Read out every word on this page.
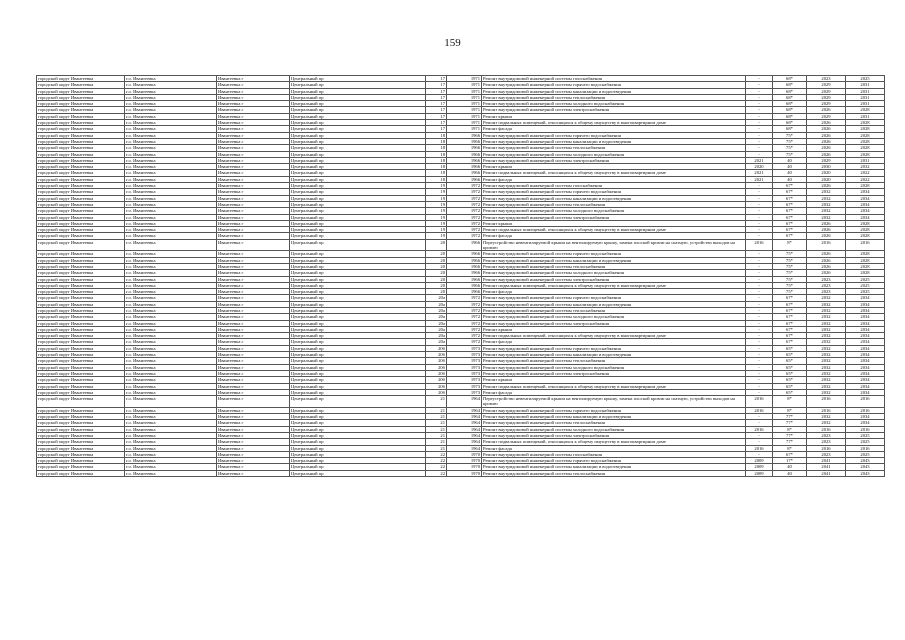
159
городской округ Ивантеевка	г.о. Ивантеевка	Ивантеевка г	Центральный пр	17	1971	Ремонт внутридомовой инженерной системы газоснабжения	-	68*	2023	2025
городской округ Ивантеевка	г.о. Ивантеевка	Ивантеевка г	Центральный пр	17	1971	Ремонт внутридомовой инженерной системы горячего водоснабжения	-	68*	2029	2031
городской округ Ивантеевка	г.о. Ивантеевка	Ивантеевка г	Центральный пр	17	1971	Ремонт внутридомовой инженерной системы канализации и водоотведения	-	68*	2029	2031
городской округ Ивантеевка	г.о. Ивантеевка	Ивантеевка г	Центральный пр	17	1971	Ремонт внутридомовой инженерной системы теплоснабжения	-	68*	2029	2031
городской округ Ивантеевка	г.о. Ивантеевка	Ивантеевка г	Центральный пр	17	1971	Ремонт внутридомовой инженерной системы холодного водоснабжения	-	68*	2029	2031
городской округ Ивантеевка	г.о. Ивантеевка	Ивантеевка г	Центральный пр	17	1971	Ремонт внутридомовой инженерной системы электроснабжения	-	68*	2026	2028
городской округ Ивантеевка	г.о. Ивантеевка	Ивантеевка г	Центральный пр	17	1971	Ремонт крыши	-	68*	2029	2031
городской округ Ивантеевка	г.о. Ивантеевка	Ивантеевка г	Центральный пр	17	1971	Ремонт подвальных помещений, относящихся к общему имуществу в многоквартирном доме	-	68*	2026	2028
городской округ Ивантеевка	г.о. Ивантеевка	Ивантеевка г	Центральный пр	17	1971	Ремонт фасада	-	68*	2026	2028
городской округ Ивантеевка	г.о. Ивантеевка	Ивантеевка г	Центральный пр	18	1966	Ремонт внутридомовой инженерной системы горячего водоснабжения	-	75*	2026	2028
городской округ Ивантеевка	г.о. Ивантеевка	Ивантеевка г	Центральный пр	18	1966	Ремонт внутридомовой инженерной системы канализации и водоотведения	-	75*	2026	2028
городской округ Ивантеевка	г.о. Ивантеевка	Ивантеевка г	Центральный пр	18	1966	Ремонт внутридомовой инженерной системы теплоснабжения	-	75*	2026	2028
городской округ Ивантеевка	г.о. Ивантеевка	Ивантеевка г	Центральный пр	18	1966	Ремонт внутридомовой инженерной системы холодного водоснабжения	-	75*	2026	2028
городской округ Ивантеевка	г.о. Ивантеевка	Ивантеевка г	Центральный пр	18	1966	Ремонт внутридомовой инженерной системы электроснабжения	2021	40	2029	2031
городской округ Ивантеевка	г.о. Ивантеевка	Ивантеевка г	Центральный пр	18	1966	Ремонт крыши	2020	40	2030	2032
городской округ Ивантеевка	г.о. Ивантеевка	Ивантеевка г	Центральный пр	18	1966	Ремонт подвальных помещений, относящихся к общему имуществу в многоквартирном доме	2021	40	2020	2022
городской округ Ивантеевка	г.о. Ивантеевка	Ивантеевка г	Центральный пр	18	1966	Ремонт фасада	2021	40	2020	2022
городской округ Ивантеевка	г.о. Ивантеевка	Ивантеевка г	Центральный пр	19	1972	Ремонт внутридомовой инженерной системы газоснабжения	-	67*	2026	2028
городской округ Ивантеевка	г.о. Ивантеевка	Ивантеевка г	Центральный пр	19	1972	Ремонт внутридомовой инженерной системы горячего водоснабжения	-	67*	2032	2034
городской округ Ивантеевка	г.о. Ивантеевка	Ивантеевка г	Центральный пр	19	1972	Ремонт внутридомовой инженерной системы канализации и водоотведения	-	67*	2032	2034
городской округ Ивантеевка	г.о. Ивантеевка	Ивантеевка г	Центральный пр	19	1972	Ремонт внутридомовой инженерной системы теплоснабжения	-	67*	2032	2034
городской округ Ивантеевка	г.о. Ивантеевка	Ивантеевка г	Центральный пр	19	1972	Ремонт внутридомовой инженерной системы холодного водоснабжения	-	67*	2032	2034
городской округ Ивантеевка	г.о. Ивантеевка	Ивантеевка г	Центральный пр	19	1972	Ремонт внутридомовой инженерной системы электроснабжения	-	67*	2032	2034
городской округ Ивантеевка	г.о. Ивантеевка	Ивантеевка г	Центральный пр	19	1972	Ремонт крыши	-	67*	2026	2028
городской округ Ивантеевка	г.о. Ивантеевка	Ивантеевка г	Центральный пр	19	1972	Ремонт подвальных помещений, относящихся к общему имуществу в многоквартирном доме	-	67*	2026	2028
городской округ Ивантеевка	г.о. Ивантеевка	Ивантеевка г	Центральный пр	19	1972	Ремонт фасада	-	67*	2026	2028
городской округ Ивантеевка	г.о. Ивантеевка	Ивантеевка г	Центральный пр	20	1966	Переустройство невентилируемой крыши на вентилируемую крышу, замена плоской кровли на скатную, устройство выходов на кровлю	2016	8*	2016	2016
городской округ Ивантеевка	г.о. Ивантеевка	Ивантеевка г	Центральный пр	20	1966	Ремонт внутридомовой инженерной системы горячего водоснабжения	-	75*	2026	2028
городской округ Ивантеевка	г.о. Ивантеевка	Ивантеевка г	Центральный пр	20	1966	Ремонт внутридомовой инженерной системы канализации и водоотведения	-	75*	2026	2028
городской округ Ивантеевка	г.о. Ивантеевка	Ивантеевка г	Центральный пр	20	1966	Ремонт внутридомовой инженерной системы теплоснабжения	-	75*	2026	2028
городской округ Ивантеевка	г.о. Ивантеевка	Ивантеевка г	Центральный пр	20	1966	Ремонт внутридомовой инженерной системы холодного водоснабжения	-	75*	2026	2028
городской округ Ивантеевка	г.о. Ивантеевка	Ивантеевка г	Центральный пр	20	1966	Ремонт внутридомовой инженерной системы электроснабжения	-	75*	2023	2025
городской округ Ивантеевка	г.о. Ивантеевка	Ивантеевка г	Центральный пр	20	1966	Ремонт подвальных помещений, относящихся к общему имуществу в многоквартирном доме	-	75*	2023	2025
городской округ Ивантеевка	г.о. Ивантеевка	Ивантеевка г	Центральный пр	20	1966	Ремонт фасада	-	75*	2023	2025
городской округ Ивантеевка	г.о. Ивантеевка	Ивантеевка г	Центральный пр	20а	1972	Ремонт внутридомовой инженерной системы горячего водоснабжения	-	67*	2032	2034
городской округ Ивантеевка	г.о. Ивантеевка	Ивантеевка г	Центральный пр	20а	1972	Ремонт внутридомовой инженерной системы канализации и водоотведения	-	67*	2032	2034
городской округ Ивантеевка	г.о. Ивантеевка	Ивантеевка г	Центральный пр	20а	1972	Ремонт внутридомовой инженерной системы теплоснабжения	-	67*	2032	2034
городской округ Ивантеевка	г.о. Ивантеевка	Ивантеевка г	Центральный пр	20а	1972	Ремонт внутридомовой инженерной системы холодного водоснабжения	-	67*	2032	2034
городской округ Ивантеевка	г.о. Ивантеевка	Ивантеевка г	Центральный пр	20а	1972	Ремонт внутридомовой инженерной системы электроснабжения	-	67*	2032	2034
городской округ Ивантеевка	г.о. Ивантеевка	Ивантеевка г	Центральный пр	20а	1972	Ремонт крыши	-	67*	2032	2034
городской округ Ивантеевка	г.о. Ивантеевка	Ивантеевка г	Центральный пр	20а	1972	Ремонт подвальных помещений, относящихся к общему имуществу в многоквартирном доме	-	67*	2032	2034
городской округ Ивантеевка	г.о. Ивантеевка	Ивантеевка г	Центральный пр	20а	1972	Ремонт фасада	-	67*	2032	2034
городской округ Ивантеевка	г.о. Ивантеевка	Ивантеевка г	Центральный пр	20б	1973	Ремонт внутридомовой инженерной системы горячего водоснабжения	-	65*	2032	2034
городской округ Ивантеевка	г.о. Ивантеевка	Ивантеевка г	Центральный пр	20б	1973	Ремонт внутридомовой инженерной системы канализации и водоотведения	-	65*	2032	2034
городской округ Ивантеевка	г.о. Ивантеевка	Ивантеевка г	Центральный пр	20б	1973	Ремонт внутридомовой инженерной системы теплоснабжения	-	65*	2032	2034
городской округ Ивантеевка	г.о. Ивантеевка	Ивантеевка г	Центральный пр	20б	1973	Ремонт внутридомовой инженерной системы холодного водоснабжения	-	65*	2032	2034
городской округ Ивантеевка	г.о. Ивантеевка	Ивантеевка г	Центральный пр	20б	1973	Ремонт внутридомовой инженерной системы электроснабжения	-	65*	2032	2034
городской округ Ивантеевка	г.о. Ивантеевка	Ивантеевка г	Центральный пр	20б	1973	Ремонт крыши	-	65*	2032	2034
городской округ Ивантеевка	г.о. Ивантеевка	Ивантеевка г	Центральный пр	20б	1973	Ремонт подвальных помещений, относящихся к общему имуществу в многоквартирном доме	-	65*	2032	2034
городской округ Ивантеевка	г.о. Ивантеевка	Ивантеевка г	Центральный пр	20б	1973	Ремонт фасада	-	65*	2032	2034
городской округ Ивантеевка	г.о. Ивантеевка	Ивантеевка г	Центральный пр	21	1964	Переустройство невентилируемой крыши на вентилируемую крышу, замена плоской кровли на скатную, устройство выходов на кровлю	2016	8*	2016	2016
городской округ Ивантеевка	г.о. Ивантеевка	Ивантеевка г	Центральный пр	21	1964	Ремонт внутридомовой инженерной системы горячего водоснабжения	2016	8*	2016	2016
городской округ Ивантеевка	г.о. Ивантеевка	Ивантеевка г	Центральный пр	21	1964	Ремонт внутридомовой инженерной системы канализации и водоотведения	-	77*	2032	2034
городской округ Ивантеевка	г.о. Ивантеевка	Ивантеевка г	Центральный пр	21	1964	Ремонт внутридомовой инженерной системы теплоснабжения	-	77*	2032	2034
городской округ Ивантеевка	г.о. Ивантеевка	Ивантеевка г	Центральный пр	21	1964	Ремонт внутридомовой инженерной системы холодного водоснабжения	2016	8*	2016	2016
городской округ Ивантеевка	г.о. Ивантеевка	Ивантеевка г	Центральный пр	21	1964	Ремонт внутридомовой инженерной системы электроснабжения	-	77*	2023	2025
городской округ Ивантеевка	г.о. Ивантеевка	Ивантеевка г	Центральный пр	21	1964	Ремонт подвальных помещений, относящихся к общему имуществу в многоквартирном доме	-	77*	2023	2025
городской округ Ивантеевка	г.о. Ивантеевка	Ивантеевка г	Центральный пр	21	1964	Ремонт фасада	2016	8*	2016	2016
городской округ Ивантеевка	г.о. Ивантеевка	Ивантеевка г	Центральный пр	22	1970	Ремонт внутридомовой инженерной системы газоснабжения	-	67*	2023	2025
городской округ Ивантеевка	г.о. Ивантеевка	Ивантеевка г	Центральный пр	22	1970	Ремонт внутридомовой инженерной системы горячего водоснабжения	2009	17*	2041	2043
городской округ Ивантеевка	г.о. Ивантеевка	Ивантеевка г	Центральный пр	22	1970	Ремонт внутридомовой инженерной системы канализации и водоотведения	2009	40	2041	2043
городской округ Ивантеевка	г.о. Ивантеевка	Ивантеевка г	Центральный пр	22	1970	Ремонт внутридомовой инженерной системы теплоснабжения	2009	40	2041	2043
